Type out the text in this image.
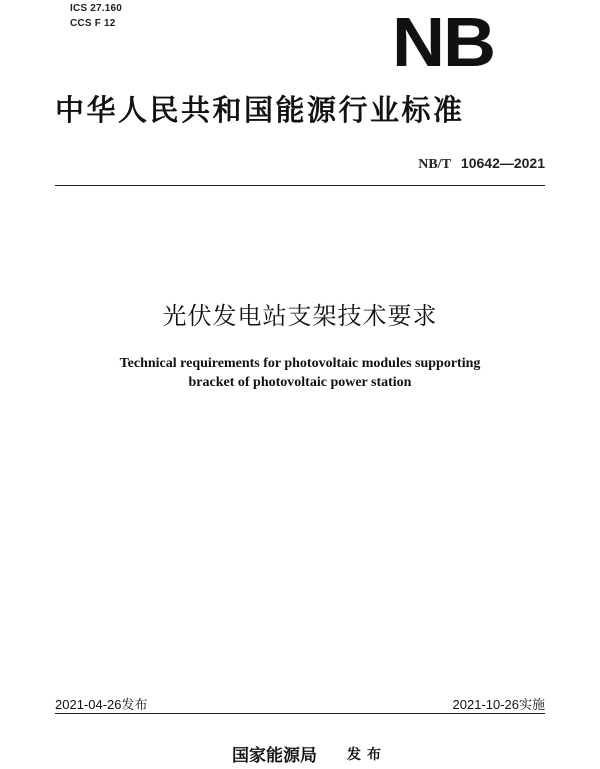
ICS 27.160
CCS F 12	NB
中华人民共和国能源行业标准
NB/T 10642—2021
光伏发电站支架技术要求
Technical requirements for photovoltaic modules supporting
bracket of photovoltaic power station
2021-04-26发布	2021-10-26实施
国家能源局 发布
